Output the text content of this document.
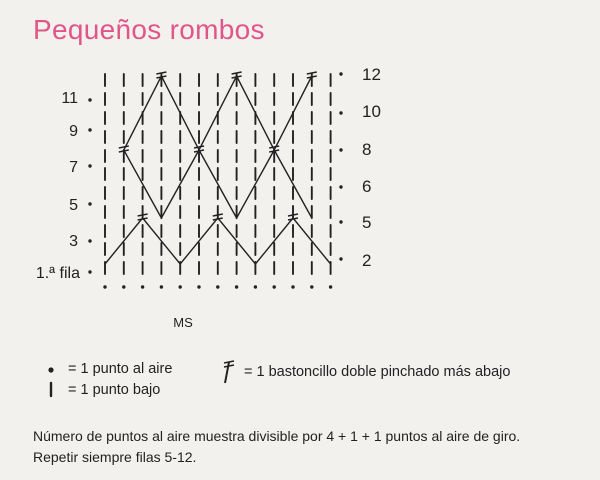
Pequeños rombos
11
9
7
5
3
1.ª fila
12
10
8
6
5
2
MS
= 1 punto al aire
= 1 punto bajo
= 1 bastoncillo doble pinchado más abajo
Número de puntos al aire muestra divisible por 4 + 1 + 1 puntos al aire de giro.
Repetir siempre filas 5-12.
